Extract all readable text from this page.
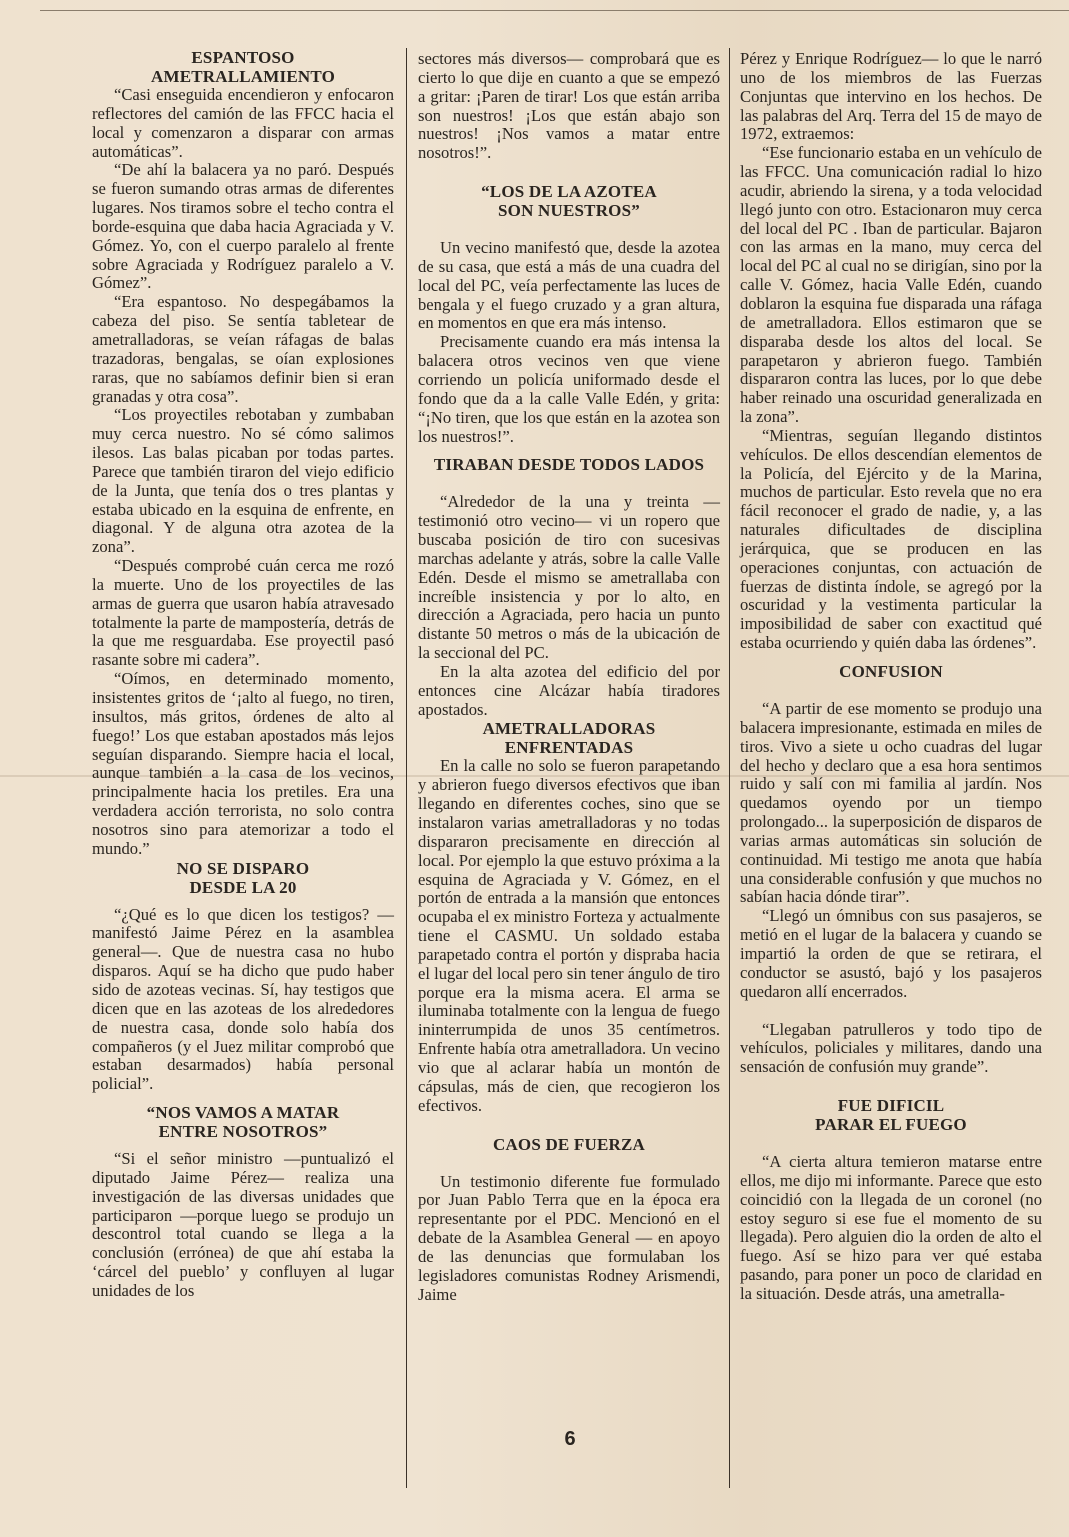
ESPANTOSO
AMETRALLAMIENTO

“Casi enseguida encendieron y enfocaron reflectores del camión de las FFCC hacia el local y comenzaron a disparar con armas automáticas”.

“De ahí la balacera ya no paró. Después se fueron sumando otras armas de diferentes lugares. Nos tiramos sobre el techo contra el borde-esquina que daba hacia Agraciada y V. Gómez. Yo, con el cuerpo paralelo al frente sobre Agraciada y Rodríguez paralelo a V. Gómez”.

“Era espantoso. No despegábamos la cabeza del piso. Se sentía tabletear de ametralladoras, se veían ráfagas de balas trazadoras, bengalas, se oían explosiones raras, que no sabíamos definir bien si eran granadas y otra cosa”.

“Los proyectiles rebotaban y zumbaban muy cerca nuestro. No sé cómo salimos ilesos. Las balas picaban por todas partes. Parece que también tiraron del viejo edificio de la Junta, que tenía dos o tres plantas y estaba ubicado en la esquina de enfrente, en diagonal. Y de alguna otra azotea de la zona”.

“Después comprobé cuán cerca me rozó la muerte. Uno de los proyectiles de las armas de guerra que usaron había atravesado totalmente la parte de mampostería, detrás de la que me resguardaba. Ese proyectil pasó rasante sobre mi cadera”.

“Oímos, en determinado momento, insistentes gritos de ‘¡alto al fuego, no tiren, insultos, más gritos, órdenes de alto al fuego!’ Los que estaban apostados más lejos seguían disparando. Siempre hacia el local, aunque también a la casa de los vecinos, principalmente hacia los pretiles. Era una verdadera acción terrorista, no solo contra nosotros sino para atemorizar a todo el mundo.”

NO SE DISPARO
DESDE LA 20

“¿Qué es lo que dicen los testigos? —manifestó Jaime Pérez en la asamblea general—. Que de nuestra casa no hubo disparos. Aquí se ha dicho que pudo haber sido de azoteas vecinas. Sí, hay testigos que dicen que en las azoteas de los alrededores de nuestra casa, donde solo había dos compañeros (y el Juez militar comprobó que estaban desarmados) había personal policial”.

“NOS VAMOS A MATAR
ENTRE NOSOTROS”

“Si el señor ministro —puntualizó el diputado Jaime Pérez— realiza una investigación de las diversas unidades que participaron —porque luego se produjo un descontrol total cuando se llega a la conclusión (errónea) de que ahí estaba la ‘cárcel del pueblo’ y confluyen al lugar unidades de los

sectores más diversos— comprobará que es cierto lo que dije en cuanto a que se empezó a gritar: ¡Paren de tirar! Los que están arriba son nuestros! ¡Los que están abajo son nuestros! ¡Nos vamos a matar entre nosotros!”.

“LOS DE LA AZOTEA
SON NUESTROS”

Un vecino manifestó que, desde la azotea de su casa, que está a más de una cuadra del local del PC, veía perfectamente las luces de bengala y el fuego cruzado y a gran altura, en momentos en que era más intenso.

Precisamente cuando era más intensa la balacera otros vecinos ven que viene corriendo un policía uniformado desde el fondo que da a la calle Valle Edén, y grita: “¡No tiren, que los que están en la azotea son los nuestros!”.

TIRABAN DESDE TODOS LADOS

“Alrededor de la una y treinta —testimonió otro vecino— vi un ropero que buscaba posición de tiro con sucesivas marchas adelante y atrás, sobre la calle Valle Edén. Desde el mismo se ametrallaba con increíble insistencia y por lo alto, en dirección a Agraciada, pero hacia un punto distante 50 metros o más de la ubicación de la seccional del PC.

En la alta azotea del edificio del por entonces cine Alcázar había tiradores apostados.

AMETRALLADORAS
ENFRENTADAS

En la calle no solo se fueron parapetando y abrieron fuego diversos efectivos que iban llegando en diferentes coches, sino que se instalaron varias ametralladoras y no todas dispararon precisamente en dirección al local. Por ejemplo la que estuvo próxima a la esquina de Agraciada y V. Gómez, en el portón de entrada a la mansión que entonces ocupaba el ex ministro Forteza y actualmente tiene el CASMU. Un soldado estaba parapetado contra el portón y dispraba hacia el lugar del local pero sin tener ángulo de tiro porque era la misma acera. El arma se iluminaba totalmente con la lengua de fuego ininterrumpida de unos 35 centímetros. Enfrente había otra ametralladora. Un vecino vio que al aclarar había un montón de cápsulas, más de cien, que recogieron los efectivos.

CAOS DE FUERZA

Un testimonio diferente fue formulado por Juan Pablo Terra que en la época era representante por el PDC. Mencionó en el debate de la Asamblea General — en apoyo de las denuncias que formulaban los legisladores comunistas Rodney Arismendi, Jaime

Pérez y Enrique Rodríguez— lo que le narró uno de los miembros de las Fuerzas Conjuntas que intervino en los hechos. De las palabras del Arq. Terra del 15 de mayo de 1972, extraemos:

“Ese funcionario estaba en un vehículo de las FFCC. Una comunicación radial lo hizo acudir, abriendo la sirena, y a toda velocidad llegó junto con otro. Estacionaron muy cerca del local del PC . Iban de particular. Bajaron con las armas en la mano, muy cerca del local del PC al cual no se dirigían, sino por la calle V. Gómez, hacia Valle Edén, cuando doblaron la esquina fue disparada una ráfaga de ametralladora. Ellos estimaron que se disparaba desde los altos del local. Se parapetaron y abrieron fuego. También dispararon contra las luces, por lo que debe haber reinado una oscuridad generalizada en la zona”.

“Mientras, seguían llegando distintos vehículos. De ellos descendían elementos de la Policía, del Ejército y de la Marina, muchos de particular. Esto revela que no era fácil reconocer el grado de nadie, y, a las naturales dificultades de disciplina jerárquica, que se producen en las operaciones conjuntas, con actuación de fuerzas de distinta índole, se agregó por la oscuridad y la vestimenta particular la imposibilidad de saber con exactitud qué estaba ocurriendo y quién daba las órdenes”.

CONFUSION

“A partir de ese momento se produjo una balacera impresionante, estimada en miles de tiros. Vivo a siete u ocho cuadras del lugar del hecho y declaro que a esa hora sentimos ruido y salí con mi familia al jardín. Nos quedamos oyendo por un tiempo prolongado... la superposición de disparos de varias armas automáticas sin solución de continuidad. Mi testigo me anota que había una considerable confusión y que muchos no sabían hacia dónde tirar”.

“Llegó un ómnibus con sus pasajeros, se metió en el lugar de la balacera y cuando se impartió la orden de que se retirara, el conductor se asustó, bajó y los pasajeros quedaron allí encerrados.

“Llegaban patrulleros y todo tipo de vehículos, policiales y militares, dando una sensación de confusión muy grande”.

FUE DIFICIL
PARAR EL FUEGO

“A cierta altura temieron matarse entre ellos, me dijo mi informante. Parece que esto coincidió con la llegada de un coronel (no estoy seguro si ese fue el momento de su llegada). Pero alguien dio la orden de alto el fuego. Así se hizo para ver qué estaba pasando, para poner un poco de claridad en la situación. Desde atrás, una ametralla-

6
